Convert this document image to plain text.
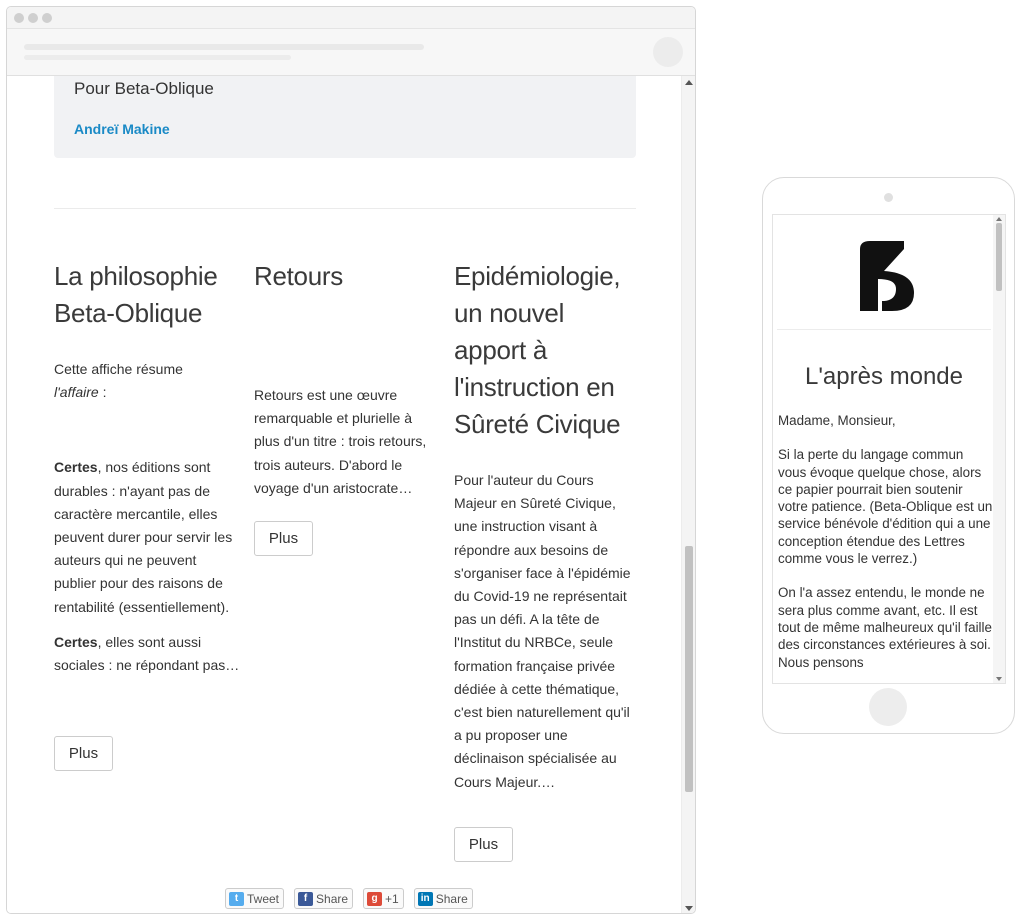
Pour Beta-Oblique
Andreï Makine
La philosophie Beta-Oblique

Cette affiche résume
l'affaire :

Certes, nos éditions sont durables : n'ayant pas de caractère mercantile, elles peuvent durer pour servir les auteurs qui ne peuvent publier pour des raisons de rentabilité (essentiellement).

Certes, elles sont aussi sociales : ne répondant pas…

Plus
Retours

Retours est une œuvre remarquable et plurielle à plus d'un titre : trois retours, trois auteurs. D'abord le voyage d'un aristocrate…

Plus
Epidémiologie, un nouvel apport à l'instruction en Sûreté Civique

Pour l'auteur du Cours Majeur en Sûreté Civique, une instruction visant à répondre aux besoins de s'organiser face à l'épidémie du Covid-19 ne représentait pas un défi. A la tête de l'Institut du NRBCe, seule formation française privée dédiée à cette thématique, c'est bien naturellement qu'il a pu proposer une déclinaison spécialisée au Cours Majeur.…

Plus
t Tweet	f Share	g +1	in Share
L'après monde

Madame, Monsieur,

Si la perte du langage commun vous évoque quelque chose, alors ce papier pourrait bien soutenir votre patience. (Beta-Oblique est un service bénévole d'édition qui a une conception étendue des Lettres comme vous le verrez.)

On l'a assez entendu, le monde ne sera plus comme avant, etc. Il est tout de même malheureux qu'il faille des circonstances extérieures à soi. Nous pensons
